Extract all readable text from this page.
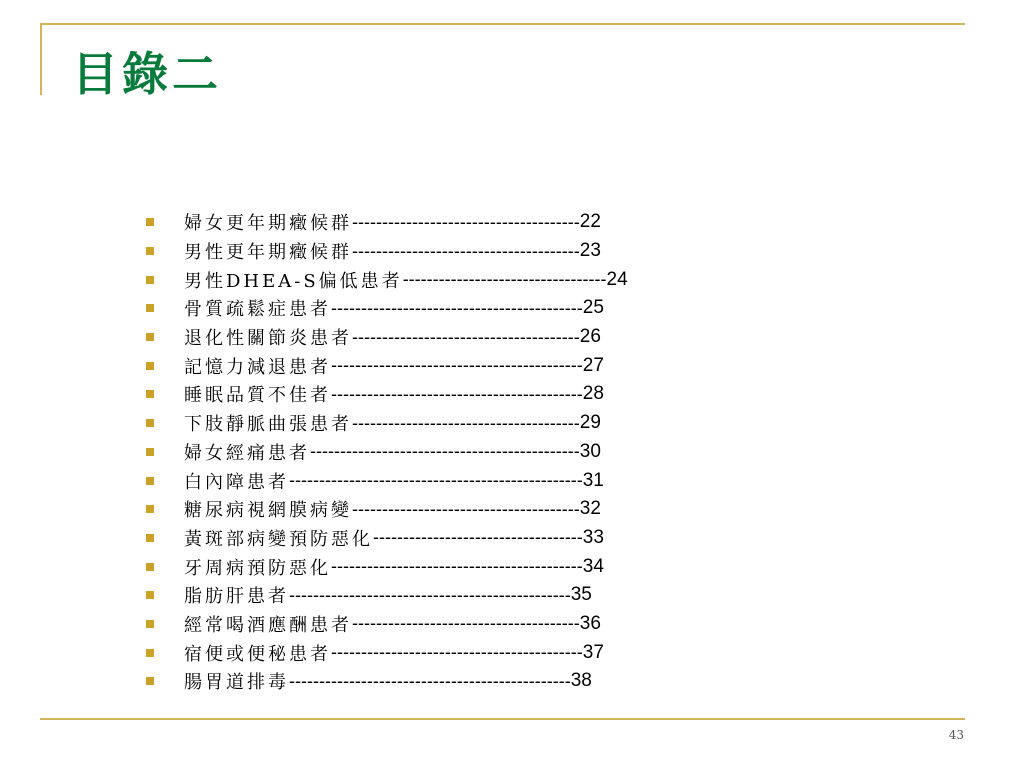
目錄二
婦女更年期癥候群 -------------------------------------- 22
男性更年期癥候群 -------------------------------------- 23
男性DHEA-S偏低患者 ---------------------------------- 24
骨質疏鬆症患者 ------------------------------------------ 25
退化性關節炎患者 -------------------------------------- 26
記憶力減退患者 ------------------------------------------ 27
睡眠品質不佳者 ------------------------------------------ 28
下肢靜脈曲張患者 -------------------------------------- 29
婦女經痛患者 --------------------------------------------- 30
白內障患者 ------------------------------------------------- 31
糖尿病視網膜病變 -------------------------------------- 32
黃斑部病變預防惡化 ----------------------------------- 33
牙周病預防惡化 ------------------------------------------ 34
脂肪肝患者 ----------------------------------------------- 35
經常喝酒應酬患者 -------------------------------------- 36
宿便或便秘患者 ------------------------------------------ 37
腸胃道排毒 ----------------------------------------------- 38
43
